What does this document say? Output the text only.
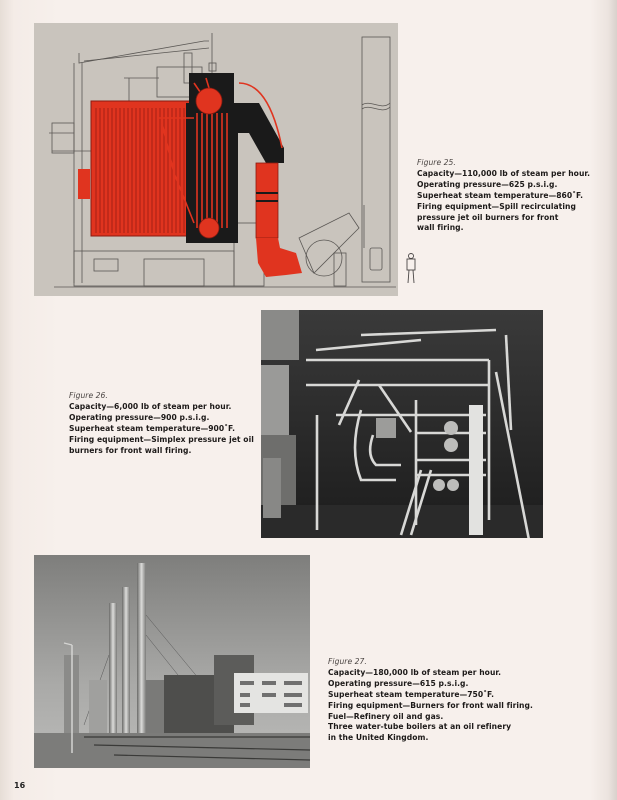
Figure 25.
Capacity—110,000 lb of steam per hour.
Operating pressure—625 p.s.i.g.
Superheat steam temperature—860˚F.
Firing equipment—Spill recirculating
pressure jet oil burners for front
wall firing.
Figure 26.
Capacity—6,000 lb of steam per hour.
Operating pressure—900 p.s.i.g.
Superheat steam temperature—900˚F.
Firing equipment—Simplex pressure jet oil
burners for front wall firing.
Figure 27.
Capacity—180,000 lb of steam per hour.
Operating pressure—615 p.s.i.g.
Superheat steam temperature—750˚F.
Firing equipment—Burners for front wall firing.
Fuel—Refinery oil and gas.
Three water-tube boilers at an oil refinery
in the United Kingdom.
16
